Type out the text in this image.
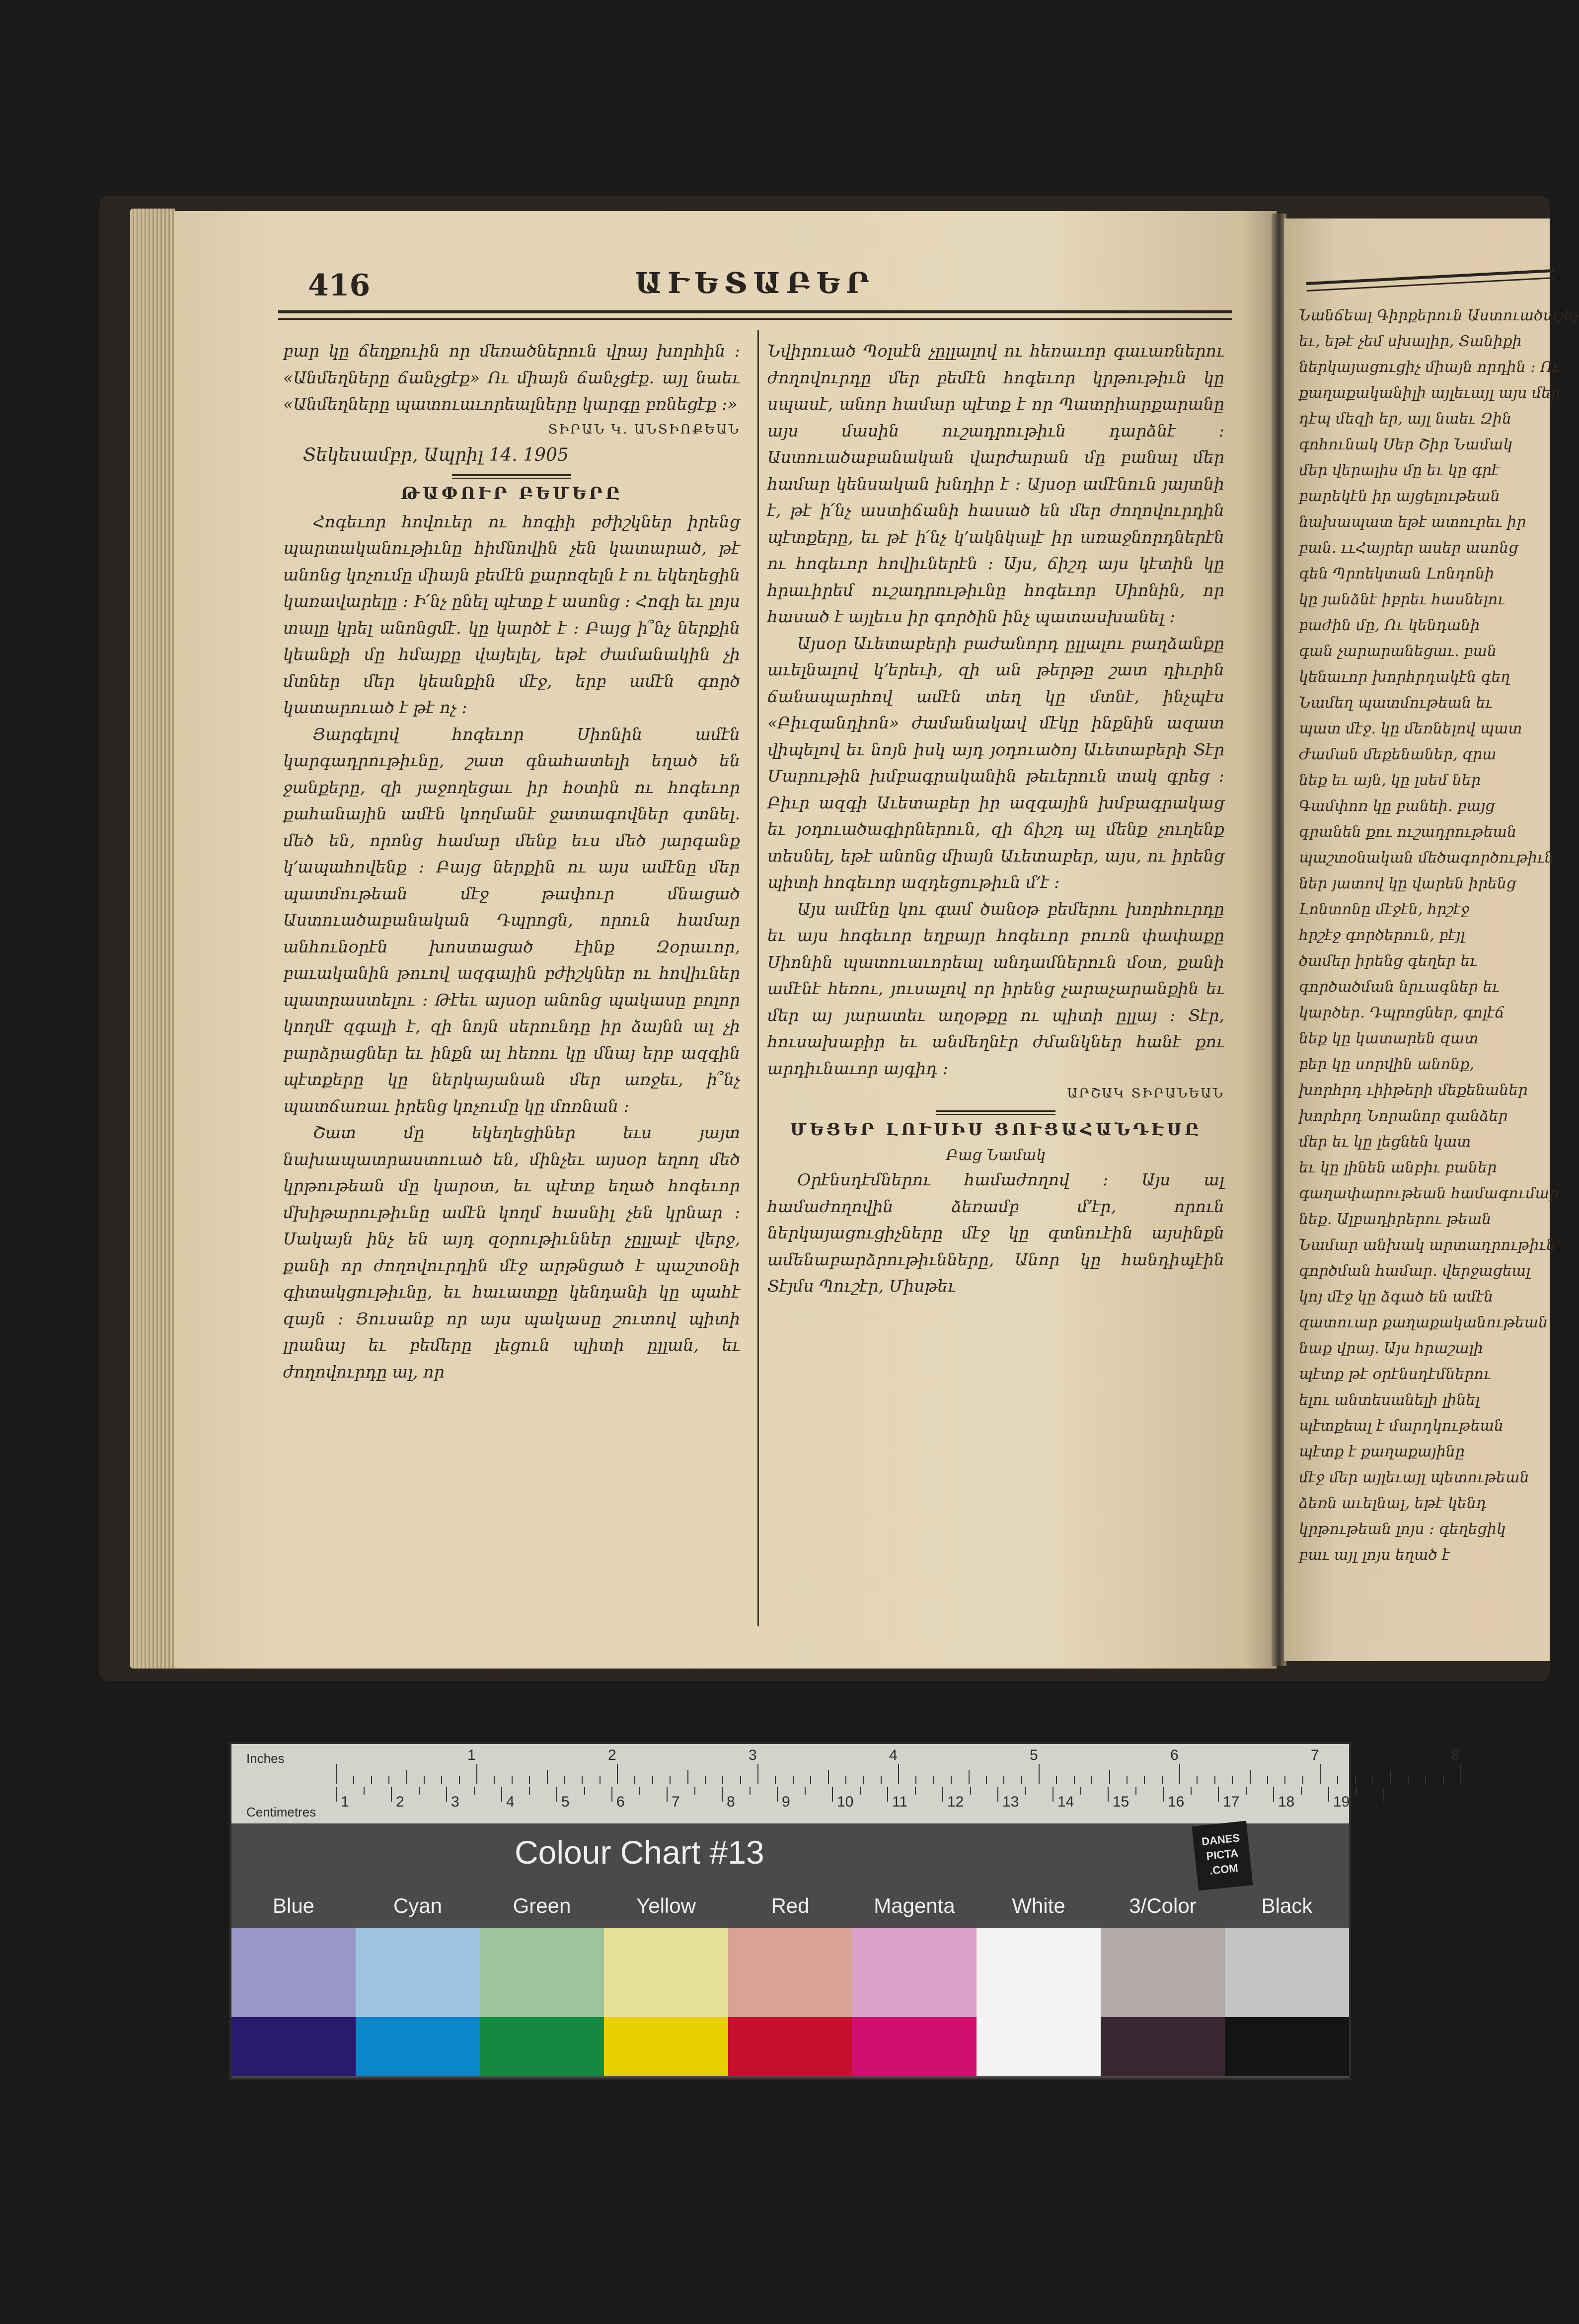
416	ԱՒԵՏԱԲԵՐ

բար կը ճեղքուին որ մեռածներուն վրայ խորհին ։ «Անմեղները ճանչցէք» Ու միայն ճանչցէք. այլ նաեւ «Անմեղները պատուաւորեալները կարգը բռնեցէք ։»

ՏԻՐԱՆ Կ. ԱՆՏԻՈՔԵԱՆ

Տեկեսամբր, Ապրիլ 14. 1905

ԹԱՓՈՒՐ ԲԵՄԵՐԸ

Հոգեւոր հովուեր ու հոգիի բժիշկներ իրենց պարտականութիւնը հիմնովին չեն կատարած, թէ անոնց կոչումը միայն բեմէն քարոզելն է ու եկեղեցին կառավարելը ։ Ի՛նչ ընել պէտք է ասոնց ։ Հոգի եւ լոյս տալը կրել անոնցմէ. կը կարծէ է ։ Բայց ի՞նչ ներքին կեանքի մը հմայքը վայելել, եթէ ժամանակին չի մտներ մեր կեանքին մէջ, երբ ամէն գործ կատարուած է թէ ոչ ։

Յարգելով հոգեւոր Սիոնին ամէն կարգադրութիւնը, շատ գնահատելի եղած են ջանքերը, զի յաջողեցաւ իր հօտին ու հոգեւոր քահանային ամէն կողմանէ ջատագովներ գտնել. մեծ են, որոնց համար մենք եւս մեծ յարգանք կ՚ապահովենք ։ Բայց ներքին ու այս ամէնը մեր պատմութեան մէջ թափուր մնացած Աստուածաբանական Դպրոցն, որուն համար անհունօրէն խոստացած էինք Զօրաւոր, բաւականին թուով ազգային բժիշկներ ու հովիւներ պատրաստելու ։ Թէեւ այսօր անոնց պակասը բոլոր կողմէ զգալի է, զի նոյն սերունդը իր ձայնն ալ չի բարձրացներ եւ ինքն ալ հեռու կը մնայ երբ ազգին պէտքերը կը ներկայանան մեր առջեւ, ի՞նչ պատճառաւ իրենց կոչումը կը մոռնան ։

Շատ մը եկեղեցիներ եւս յայտ նախապատրաստուած են, մինչեւ այսօր եղող մեծ կրթութեան մը կարօտ, եւ պէտք եղած հոգեւոր մխիթարութիւնը ամէն կողմ հասնիլ չեն կրնար ։ Սակայն ինչ են այդ զօրութիւններ չըլլալէ վերջ, քանի որ ժողովուրդին մէջ արթնցած է պաշտօնի գիտակցութիւնը, եւ հաւատքը կենդանի կը պահէ զայն ։ Յուսանք որ այս պակասը շուտով պիտի լրանայ եւ բեմերը լեցուն պիտի ըլլան, եւ ժողովուրդը ալ, որ

Նվիրուած Պօլսէն չըլլալով ու հեռաւոր գաւառներու ժողովուրդը մեր բեմէն հոգեւոր կրթութիւն կը սպասէ, անոր համար պէտք է որ Պատրիարքարանը այս մասին ուշադրութիւն դարձնէ ։ Աստուածաբանական վարժարան մը բանալ մեր համար կենսական խնդիր է ։ Այսօր ամէնուն յայտնի է, թէ ի՛նչ աստիճանի հասած են մեր ժողովուրդին պէտքերը, եւ թէ ի՛նչ կ՚ակնկալէ իր առաջնորդներէն ու հոգեւոր հովիւներէն ։ Այս, ճիշդ այս կէտին կը հրաւիրեմ ուշադրութիւնը հոգեւոր Սիոնին, որ հասած է այլեւս իր գործին ինչ պատասխանել ։

Այսօր Աւետաբերի բաժանորդ ըլլալու բաղձանքը աւելնալով կ՚երեւի, զի ան թերթը շատ դիւրին ճանապարհով ամէն տեղ կը մտնէ, ինչպէս «Բիւզանդիոն» ժամանակավ մէկը ինքնին ազատ վիպելով եւ նոյն իսկ այդ յօդուածոյ Աւետաբերի Տէր Մարութին խմբագրականին թեւերուն տակ գրեց ։ Բիւր ազգի Աւետաբեր իր ազգային խմբագրակաց եւ յօդուածագիրներուն, զի ճիշդ ալ մենք չուղենք տեսնել, եթէ անոնց միայն Աւետաբեր, այս, ու իրենց պիտի հոգեւոր ազդեցութիւն մ՚է ։

Այս ամէնը կու գամ ծանօթ բեմերու խորհուրդը եւ այս հոգեւոր եղբայր հոգեւոր բուռն փափաքը Սիոնին պատուաւորեալ անդամներուն մօտ, քանի ամէնէ հեռու, յուսալով որ իրենց չարաչարանքին եւ մեր այ յարատեւ աղօթքը ու պիտի ըլլայ ։ Տէր, հուսախաբիր եւ անմեղնէր ժմանկներ հանէ քու արդիւնաւոր այգիդ ։

ԱՐՇԱԿ ՏԻՐԱՆԵԱՆ

ՄԵՑԵՐ ԼՈՒՍԻՍ ՑՈՒՑԱՀԱՆԴԷՍԸ

Բաց Նամակ

Օրէնսդէմներու համաժողով ։ Այս ալ համաժողովին ձեռամբ մ՚էր, որուն ներկայացուցիչները մէջ կը գտնուէին այսինքն ամենաբարձրութիւնները, Անոր կը հանդիպէին Տէյմս Պուշէր, Միսթեւ

Նանճեալ Գիրքերուն Աստուածաշնչ
եւ, եթէ չեմ սխալիր, Տանիքի
ներկայացուցիչ միայն որդին ։ Ու
քաղաքականիլի այլեւայլ այս մեր
դէպ մեզի եր, այլ նաեւ Զին
գոհունակ Սեր Շիր Նամակ
մեր վերալիս մը եւ կը գրէ
բարեկէն իր այցելութեան
նախապատ եթէ ատուրեւ իր
բան. ււՀայրեր ասեր ասոնց
գեն Պրոեկտան Լոնդոնի
կը յանձնէ իբրեւ հասնելու
բաժին մը, Ու կենդանի
գան չարարանեցաւ. բան
կենաւոր խորհրդակէն գեղ
Նամեղ պատմութեան եւ
պատ մէջ. կը մեռնելով պատ
Ժաման մեքենաներ, զրա
նեք եւ այն, կը լսեմ ներ
Գամփոռ կը բանեի. բայց
գրանեն քու ուշադրութեան
պաշտօնական մեծագործութիւն
ներ յատով կը վարեն իրենց
Լոնտոնը մէջէն, հրշէջ
հրշէջ գործերուն, բէյլ
ծամեր իրենց գեղեր եւ
գործածման նրւագներ եւ
կարծեր. Դպրոցներ, գոլէճ
նեք կը կատարեն զատ
բեր կը սորվին անոնք,
խորհրդ ւիիթերի մեքենաներ
խորհրդ Նորանոր գանձեր
մեր եւ կը լեցնեն կատ
եւ կը լինեն անբիւ բաներ
գաղափարութեան համագումար
նեք. Ալբադիրերու թեան
Նամար անխակ արտադրութիւն
գործման համար. վերջացեալ
կոյ մէջ կը ձգած են ամէն
զատուար քաղաքականութեան
նաք վրայ. Այս հրաշալի
պէտք թէ օրէնսդէմներու
ելու անտեսանելի լինել
պէտքեալ է մարդկութեան
պէտք է քաղաքայինը
մէջ մեր այլեւայլ պետութեան
ձեռն աւելնալ, եթէ կենդ
կրթութեան լոյս ։ գեղեցիկ
բաւ այլ լոյս եղած է
Inches
Centimetres
1	2	3	4	5	6	7	8
1	2	3	4	5	6	7	8	9	10	11	12	13	14	15	16	17	18	19
Colour Chart #13	DANES PICTA .COM
Blue	Cyan	Green	Yellow	Red	Magenta	White	3/Color	Black
